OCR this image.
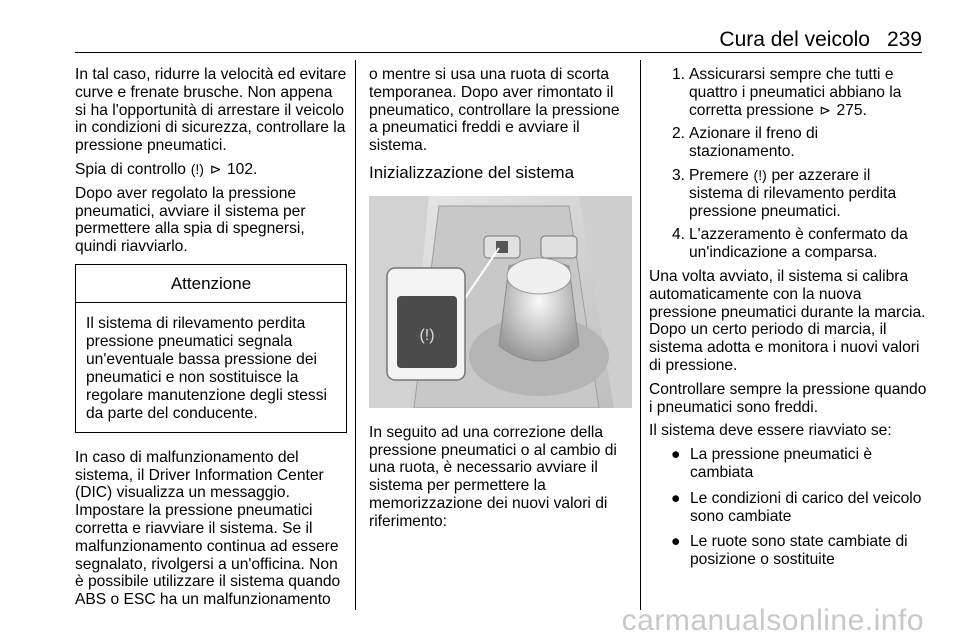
Cura del veicolo 239

In tal caso, ridurre la velocità ed evitare curve e frenate brusche. Non appena si ha l'opportunità di arrestare il veicolo in condizioni di sicurezza, controllare la pressione pneumatici.

Spia di controllo (!) ⊳ 102.

Dopo aver regolato la pressione pneumatici, avviare il sistema per permettere alla spia di spegnersi, quindi riavviarlo.

Attenzione
Il sistema di rilevamento perdita pressione pneumatici segnala un'eventuale bassa pressione dei pneumatici e non sostituisce la regolare manutenzione degli stessi da parte del conducente.

In caso di malfunzionamento del sistema, il Driver Information Center (DIC) visualizza un messaggio. Impostare la pressione pneumatici corretta e riavviare il sistema. Se il malfunzionamento continua ad essere segnalato, rivolgersi a un'officina. Non è possibile utilizzare il sistema quando ABS o ESC ha un malfunzionamento

o mentre si usa una ruota di scorta temporanea. Dopo aver rimontato il pneumatico, controllare la pressione a pneumatici freddi e avviare il sistema.

Inizializzazione del sistema
(!)

In seguito ad una correzione della pressione pneumatici o al cambio di una ruota, è necessario avviare il sistema per permettere la memorizzazione dei nuovi valori di riferimento:

1. Assicurarsi sempre che tutti e quattro i pneumatici abbiano la corretta pressione ⊳ 275.
2. Azionare il freno di stazionamento.
3. Premere (!) per azzerare il sistema di rilevamento perdita pressione pneumatici.
4. L'azzeramento è confermato da un'indicazione a comparsa.

Una volta avviato, il sistema si calibra automaticamente con la nuova pressione pneumatici durante la marcia. Dopo un certo periodo di marcia, il sistema adotta e monitora i nuovi valori di pressione.

Controllare sempre la pressione quando i pneumatici sono freddi.

Il sistema deve essere riavviato se:

● La pressione pneumatici è cambiata
● Le condizioni di carico del veicolo sono cambiate
● Le ruote sono state cambiate di posizione o sostituite
carmanualsonline.info
